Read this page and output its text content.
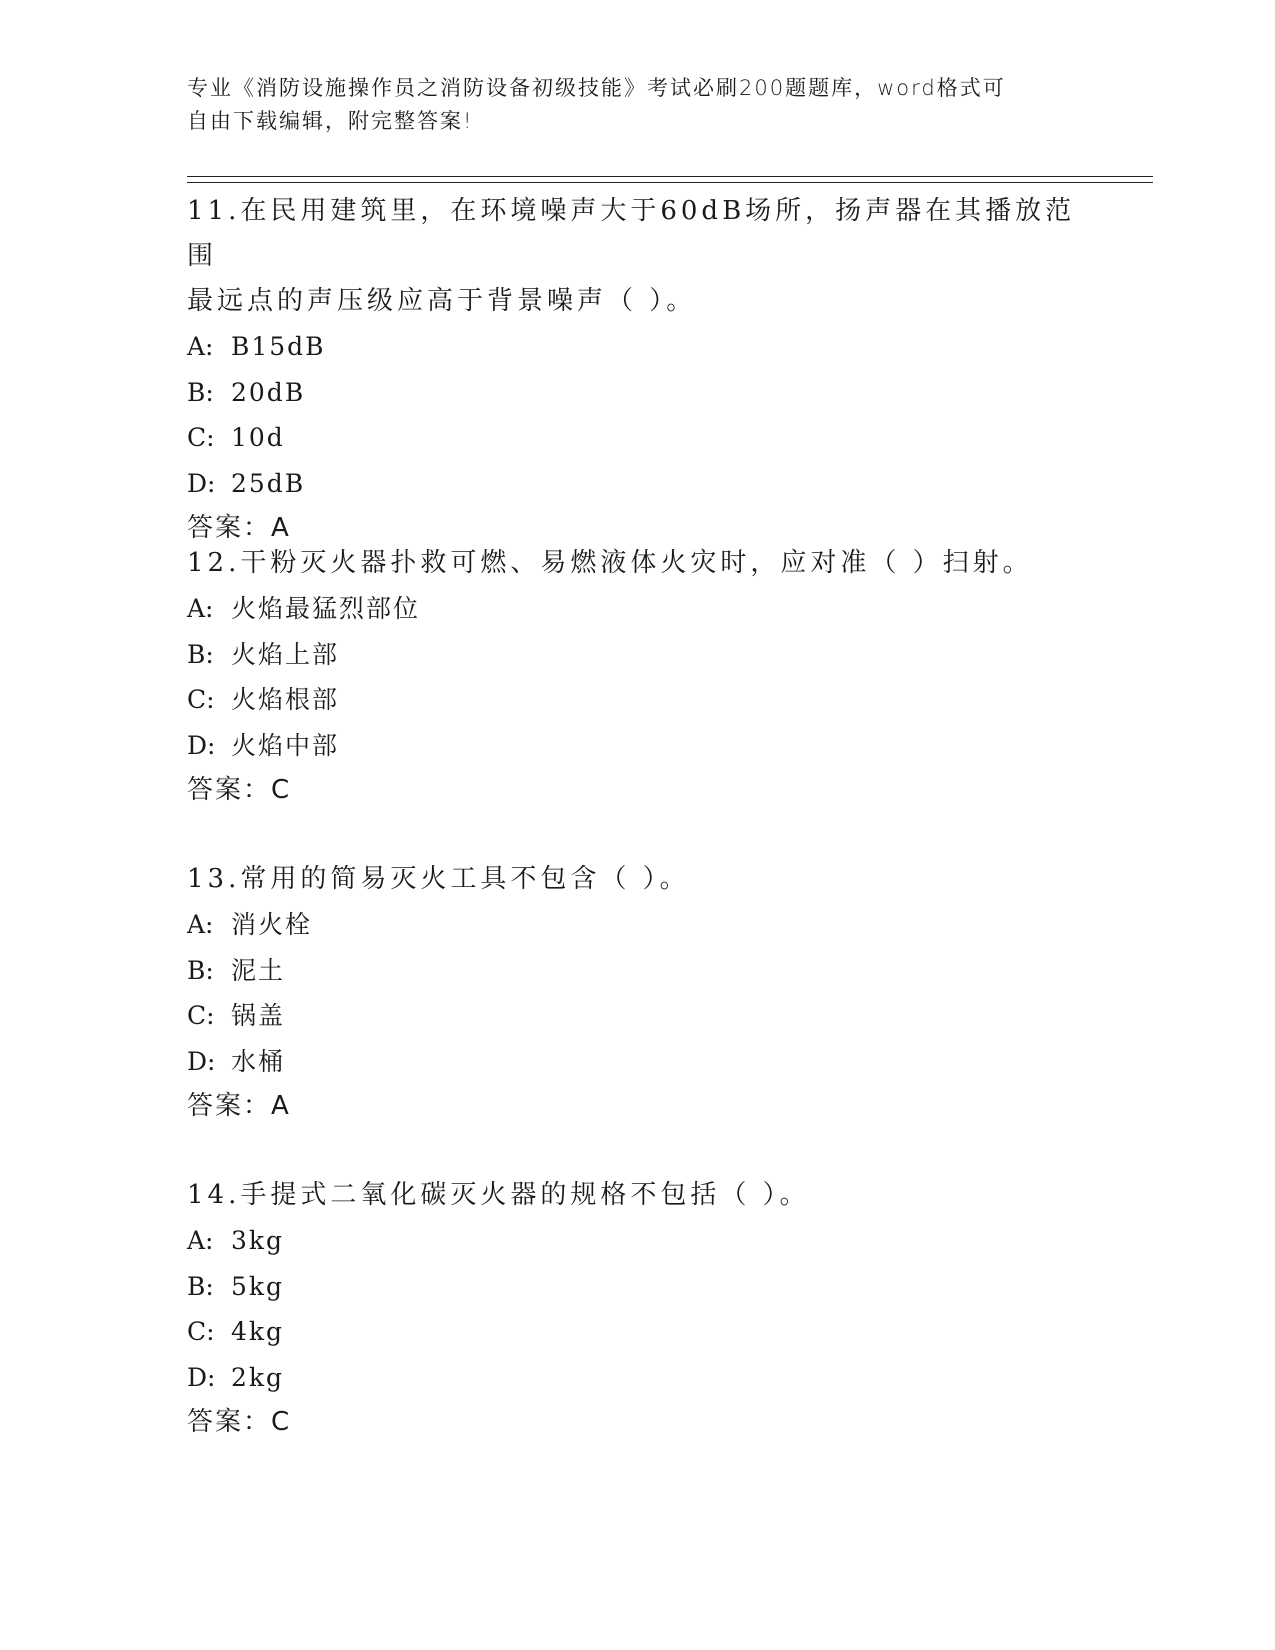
专业《消防设施操作员之消防设备初级技能》考试必刷200题题库，word格式可
自由下载编辑，附完整答案!
11.在民用建筑里，在环境噪声大于60dB场所，扬声器在其播放范围
最远点的声压级应高于背景噪声（ ）。
A: B15dB
B: 20dB
C: 10d
D: 25dB
答案：A
12.干粉灭火器扑救可燃、易燃液体火灾时，应对准（ ）扫射。
A: 火焰最猛烈部位
B: 火焰上部
C: 火焰根部
D: 火焰中部
答案：C
13.常用的简易灭火工具不包含（ ）。
A: 消火栓
B: 泥土
C: 锅盖
D: 水桶
答案：A
14.手提式二氧化碳灭火器的规格不包括（ ）。
A: 3kg
B: 5kg
C: 4kg
D: 2kg
答案：C
